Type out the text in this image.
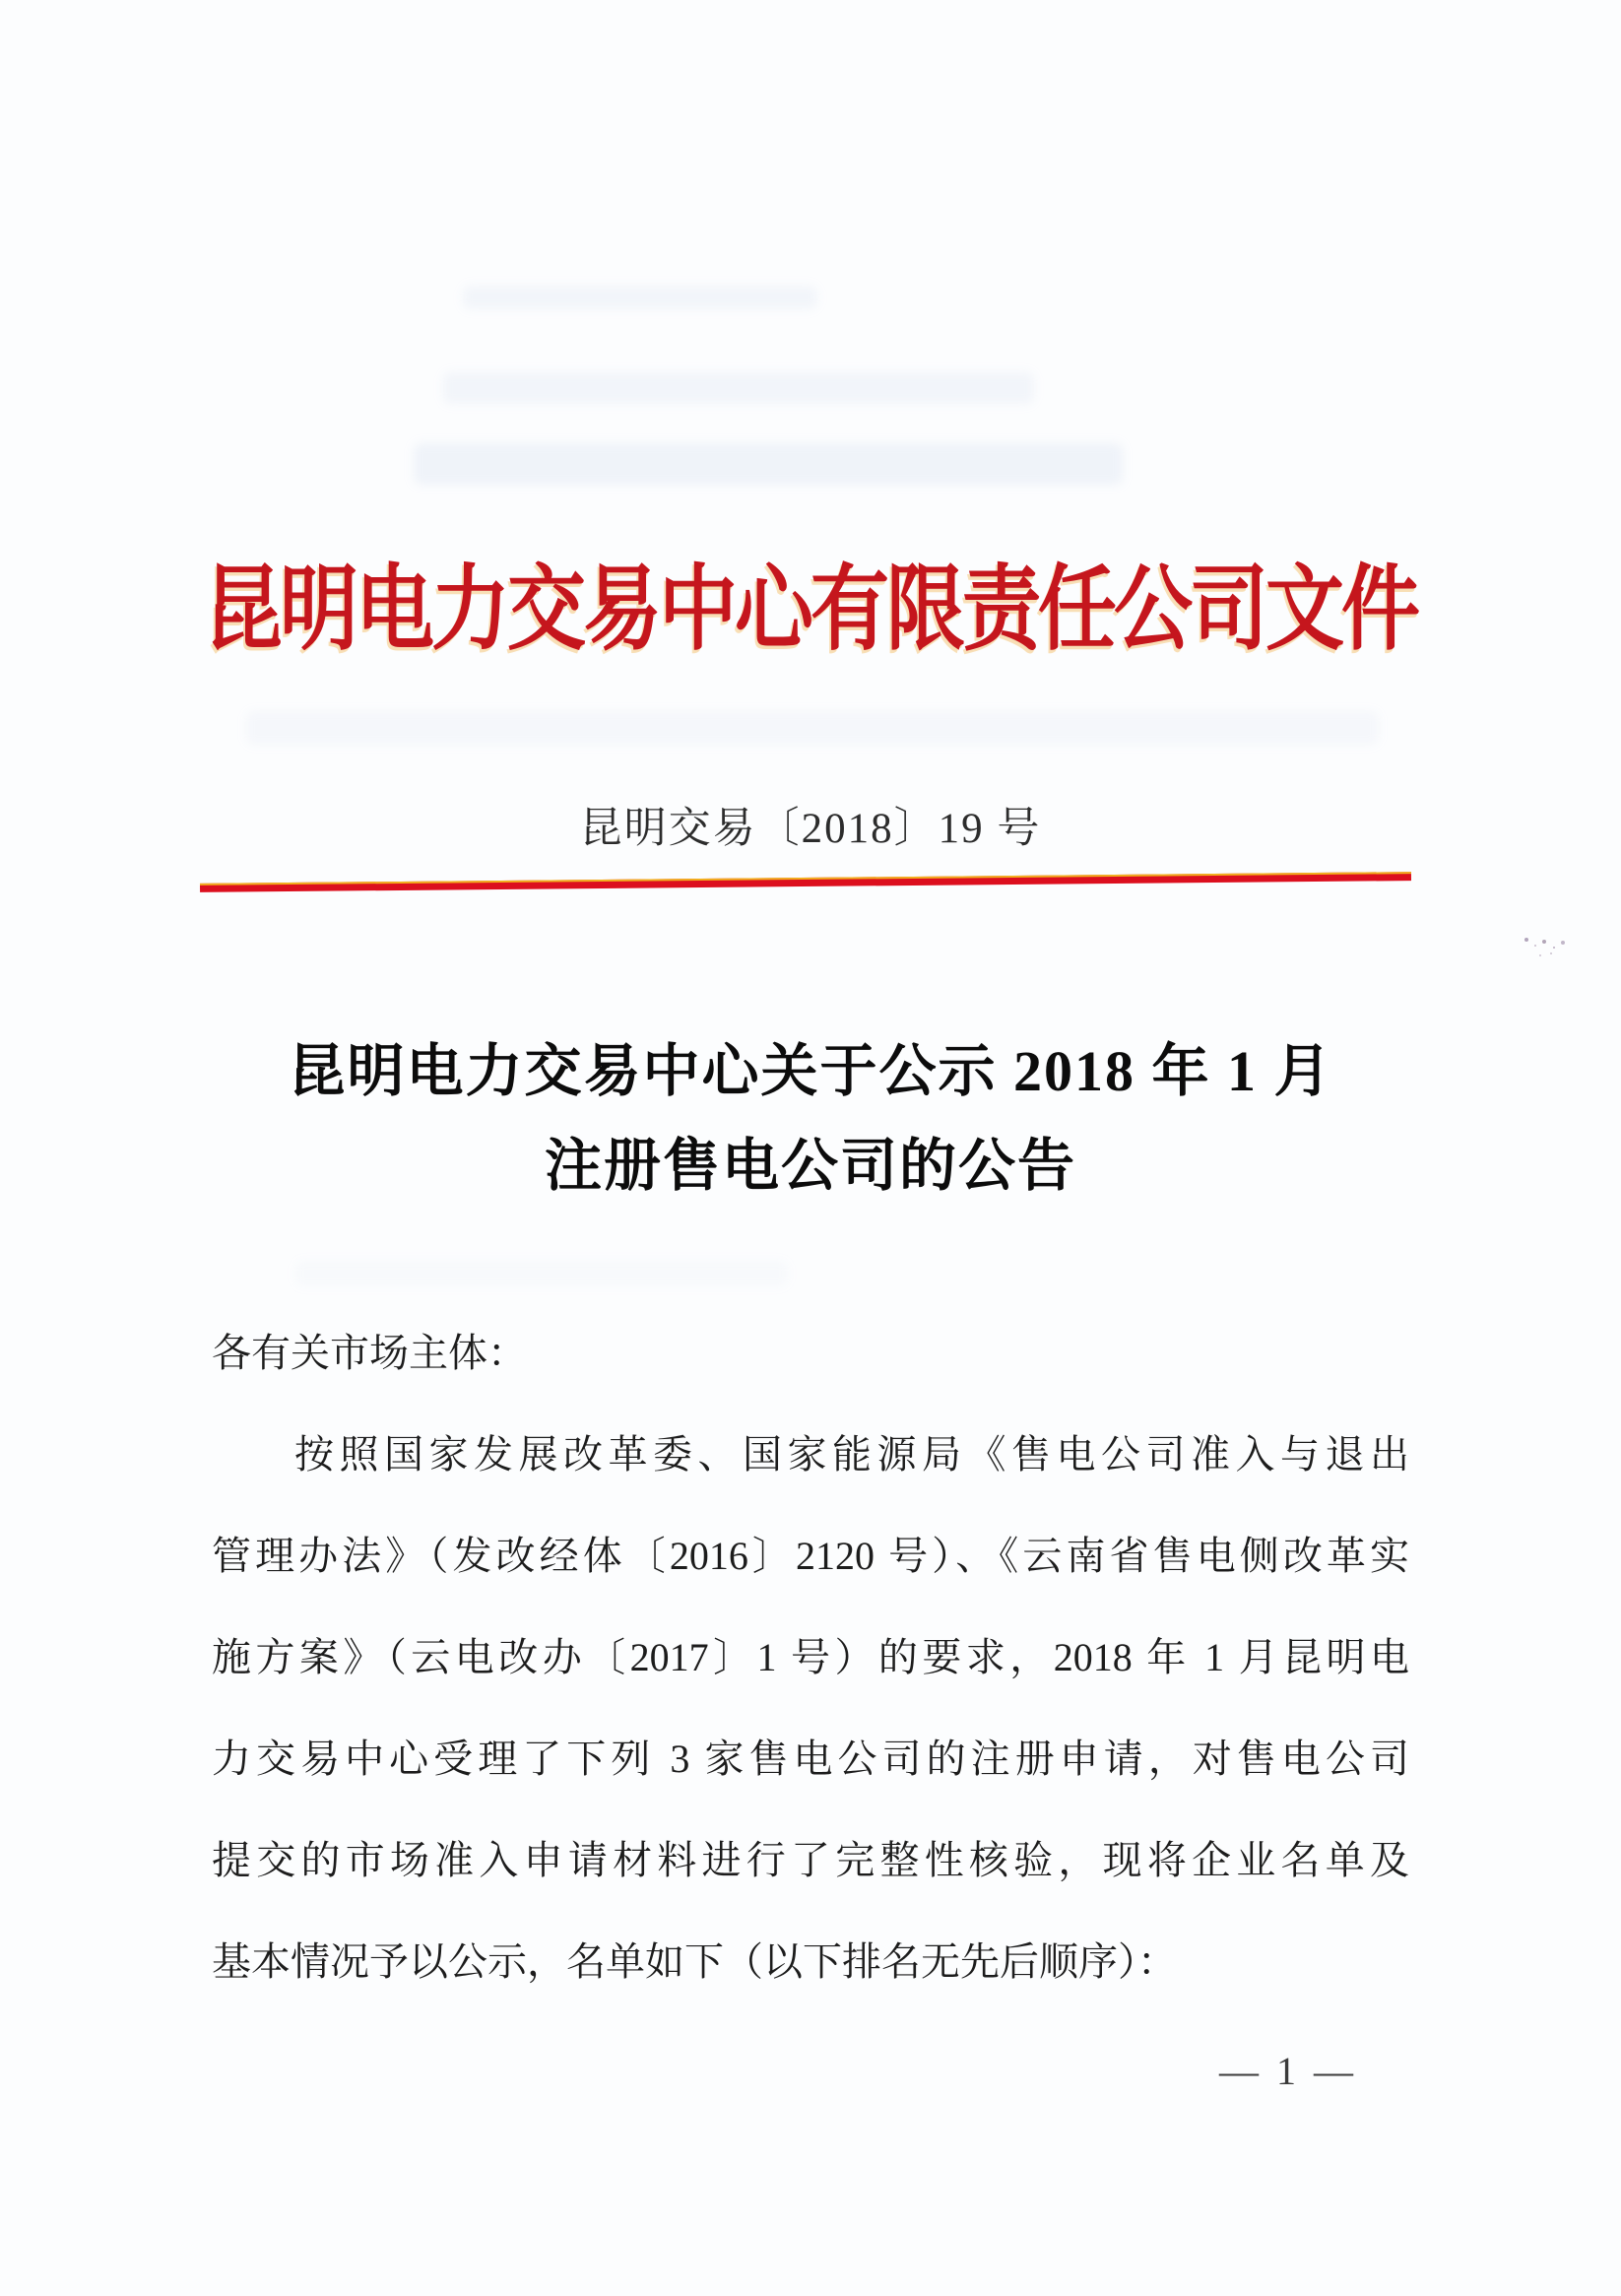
昆明电力交易中心有限责任公司文件
昆明交易〔2018〕19 号
昆明电力交易中心关于公示 2018 年 1 月
注册售电公司的公告
各有关市场主体：
按照国家发展改革委、国家能源局《售电公司准入与退出
管理办法》（发改经体〔2016〕2120 号）、《云南省售电侧改革实
施方案》（云电改办〔2017〕1 号）的要求，2018 年 1 月昆明电
力交易中心受理了下列 3 家售电公司的注册申请，对售电公司
提交的市场准入申请材料进行了完整性核验，现将企业名单及
基本情况予以公示，名单如下（以下排名无先后顺序）：
— 1 —
